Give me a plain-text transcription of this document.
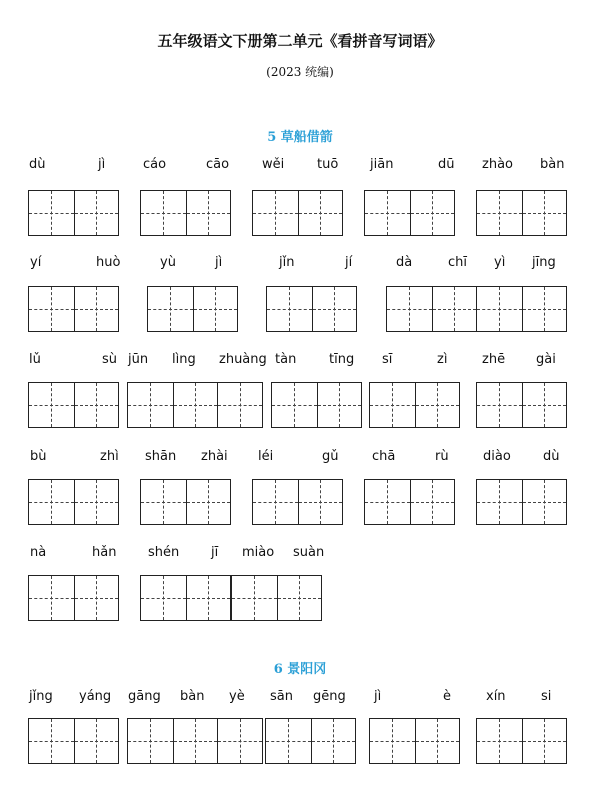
五年级语文下册第二单元《看拼音写词语》
(2023 统编)
5 草船借箭
6 景阳冈
dù	jì	cáo	cāo	wěi	tuō jiān	dū zhào bàn
yí	huò	yù	jì	jǐn	jí	dà	chī yì jīng
lǔ	sù jūn lìng zhuàng tàn	tīng sī	zì	zhē gài
bù	zhì shān zhài léi	gǔ	chā	rù	diào dù
nà	hǎn shén jī miào suàn
jǐng yáng gāng bàn yè sān gēng jì	è	xín	si
